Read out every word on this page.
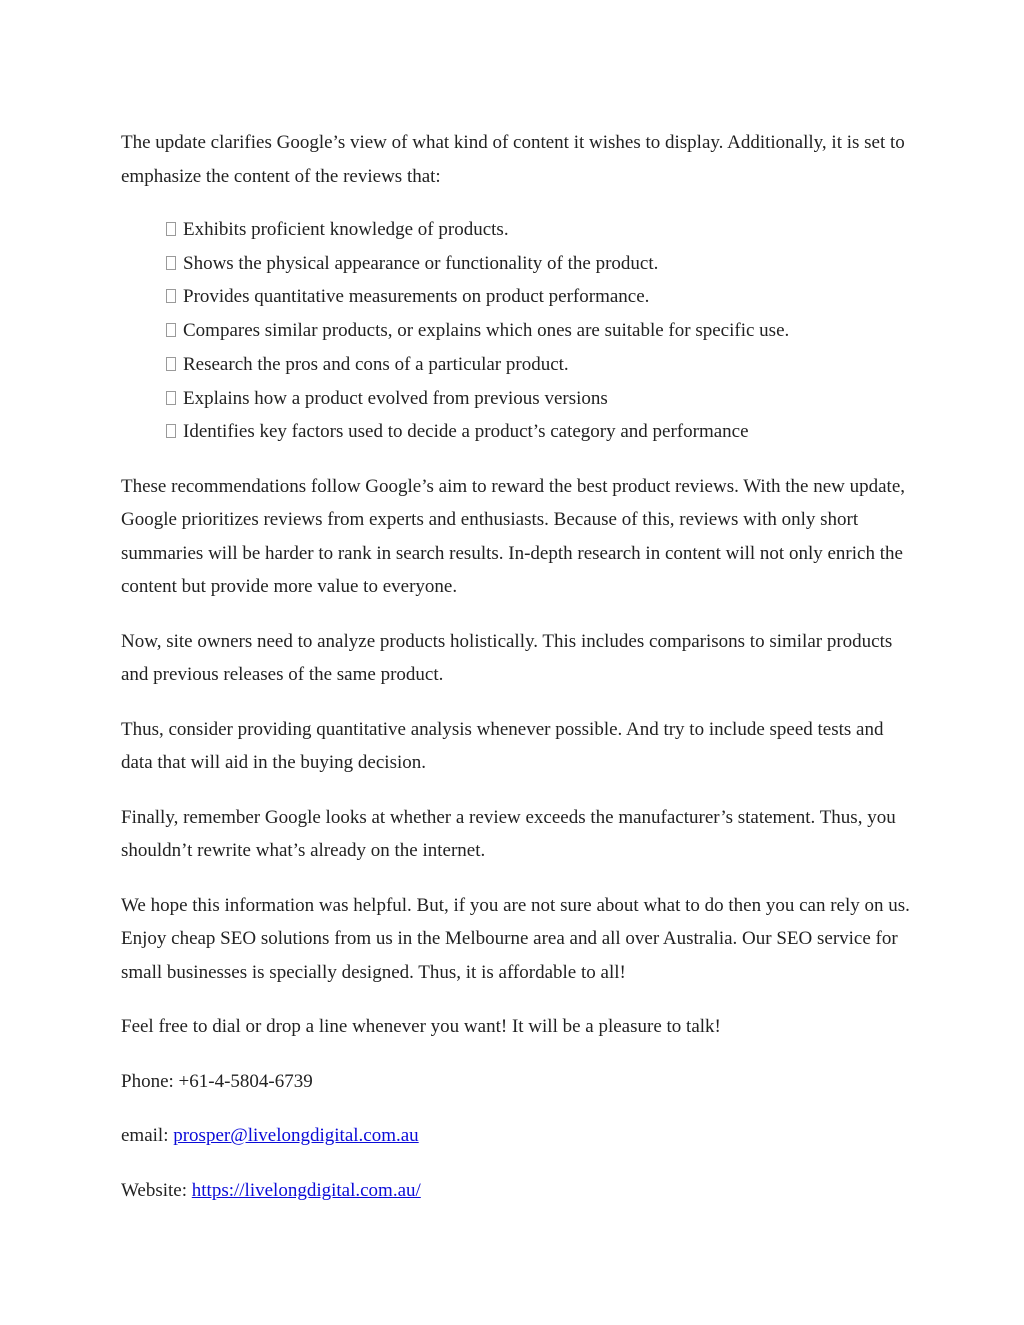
The update clarifies Google’s view of what kind of content it wishes to display. Additionally, it is set to emphasize the content of the reviews that:

Exhibits proficient knowledge of products.
Shows the physical appearance or functionality of the product.
Provides quantitative measurements on product performance.
Compares similar products, or explains which ones are suitable for specific use.
Research the pros and cons of a particular product.
Explains how a product evolved from previous versions
Identifies key factors used to decide a product’s category and performance

These recommendations follow Google’s aim to reward the best product reviews. With the new update, Google prioritizes reviews from experts and enthusiasts. Because of this, reviews with only short summaries will be harder to rank in search results. In-depth research in content will not only enrich the content but provide more value to everyone.

Now, site owners need to analyze products holistically. This includes comparisons to similar products and previous releases of the same product.

Thus, consider providing quantitative analysis whenever possible. And try to include speed tests and data that will aid in the buying decision.

Finally, remember Google looks at whether a review exceeds the manufacturer’s statement. Thus, you shouldn’t rewrite what’s already on the internet.

We hope this information was helpful. But, if you are not sure about what to do then you can rely on us. Enjoy cheap SEO solutions from us in the Melbourne area and all over Australia. Our SEO service for small businesses is specially designed. Thus, it is affordable to all!

Feel free to dial or drop a line whenever you want! It will be a pleasure to talk!

Phone: +61-4-5804-6739

email: prosper@livelongdigital.com.au

Website: https://livelongdigital.com.au/
